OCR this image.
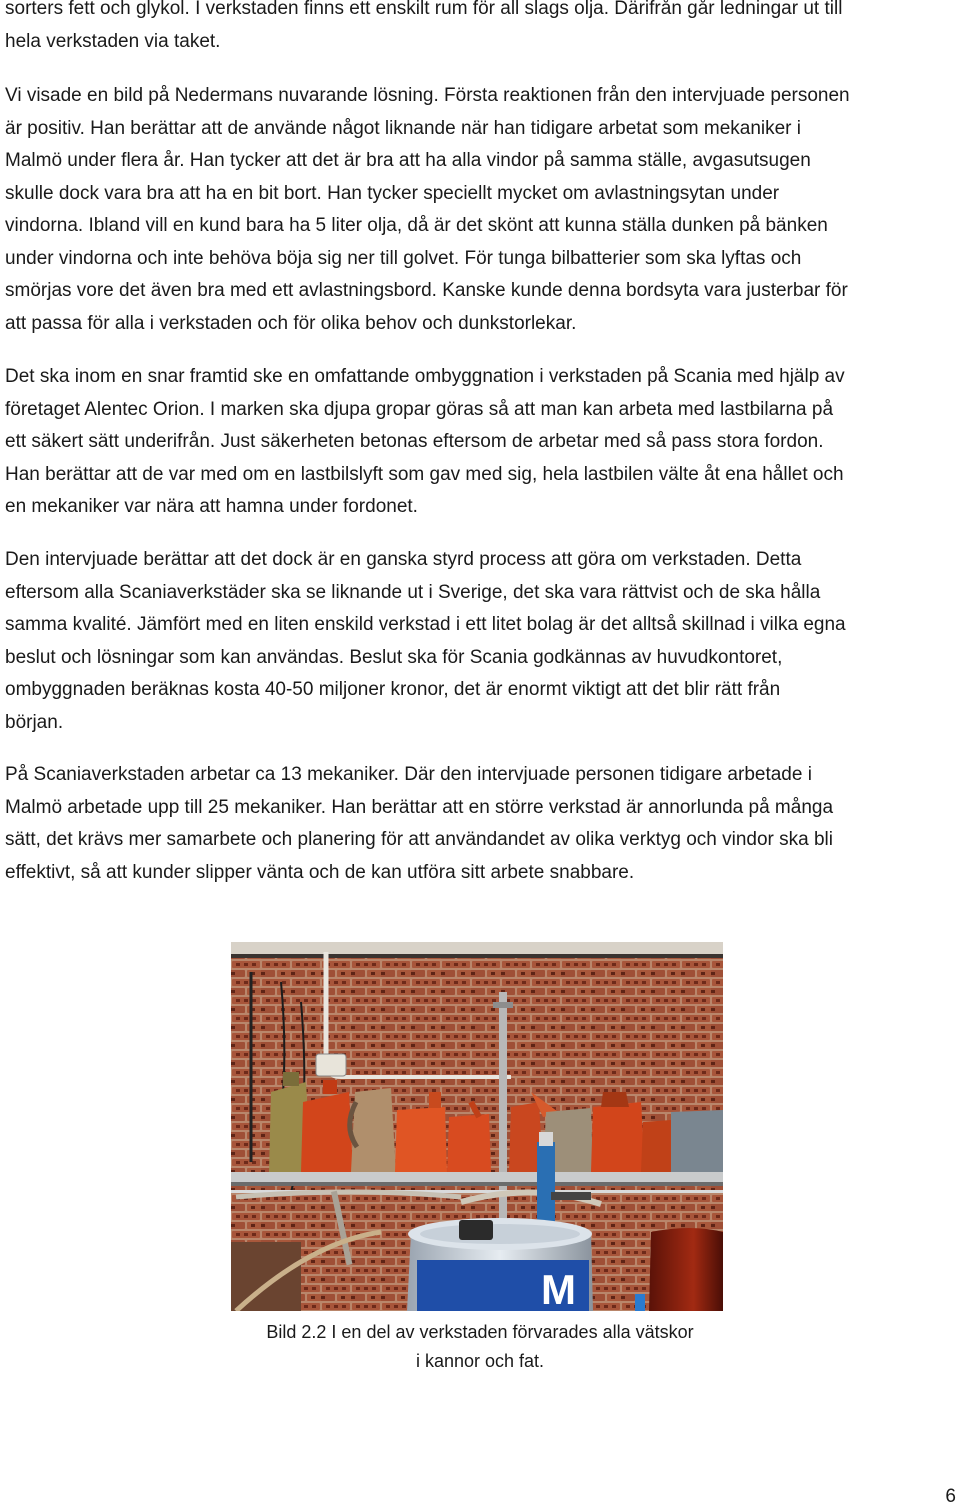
sorters fett och glykol. I verkstaden finns ett enskilt rum för all slags olja. Därifrån går ledningar ut till
hela verkstaden via taket.

Vi visade en bild på Nedermans nuvarande lösning. Första reaktionen från den intervjuade personen
är positiv. Han berättar att de använde något liknande när han tidigare arbetat som mekaniker i
Malmö under flera år. Han tycker att det är bra att ha alla vindor på samma ställe, avgasutsugen
skulle dock vara bra att ha en bit bort. Han tycker speciellt mycket om avlastningsytan under
vindorna. Ibland vill en kund bara ha 5 liter olja, då är det skönt att kunna ställa dunken på bänken
under vindorna och inte behöva böja sig ner till golvet. För tunga bilbatterier som ska lyftas och
smörjas vore det även bra med ett avlastningsbord. Kanske kunde denna bordsyta vara justerbar för
att passa för alla i verkstaden och för olika behov och dunkstorlekar.

Det ska inom en snar framtid ske en omfattande ombyggnation i verkstaden på Scania med hjälp av
företaget Alentec Orion. I marken ska djupa gropar göras så att man kan arbeta med lastbilarna på
ett säkert sätt underifrån. Just säkerheten betonas eftersom de arbetar med så pass stora fordon.
Han berättar att de var med om en lastbilslyft som gav med sig, hela lastbilen välte åt ena hållet och
en mekaniker var nära att hamna under fordonet.

Den intervjuade berättar att det dock är en ganska styrd process att göra om verkstaden. Detta
eftersom alla Scaniaverkstäder ska se liknande ut i Sverige, det ska vara rättvist och de ska hålla
samma kvalité. Jämfört med en liten enskild verkstad i ett litet bolag är det alltså skillnad i vilka egna
beslut och lösningar som kan användas. Beslut ska för Scania godkännas av huvudkontoret,
ombyggnaden beräknas kosta 40-50 miljoner kronor, det är enormt viktigt att det blir rätt från
början.

På Scaniaverkstaden arbetar ca 13 mekaniker. Där den intervjuade personen tidigare arbetade i
Malmö arbetade upp till 25 mekaniker. Han berättar att en större verkstad är annorlunda på många
sätt, det krävs mer samarbete och planering för att användandet av olika verktyg och vindor ska bli
effektivt, så att kunder slipper vänta och de kan utföra sitt arbete snabbare.

M
Bild 2.2 I en del av verkstaden förvarades alla vätskor
i kannor och fat.
6
